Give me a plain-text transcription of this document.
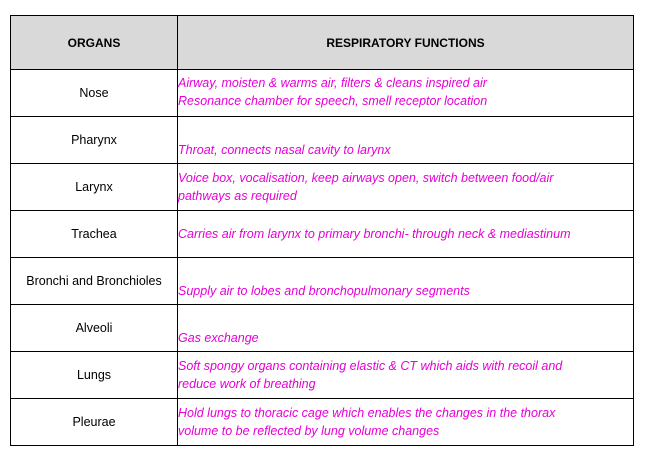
ORGANS	RESPIRATORY FUNCTIONS
Nose	Airway, moisten & warms air, filters & cleans inspired air
Resonance chamber for speech, smell receptor location

Pharynx	Throat, connects nasal cavity to larynx

Larynx	Voice box, vocalisation, keep airways open, switch between food/air
pathways as required

Trachea	Carries air from larynx to primary bronchi- through neck & mediastinum

Bronchi and Bronchioles	Supply air to lobes and bronchopulmonary segments

Alveoli	Gas exchange

Lungs	Soft spongy organs containing elastic & CT which aids with recoil and
reduce work of breathing

Pleurae	Hold lungs to thoracic cage which enables the changes in the thorax
volume to be reflected by lung volume changes
